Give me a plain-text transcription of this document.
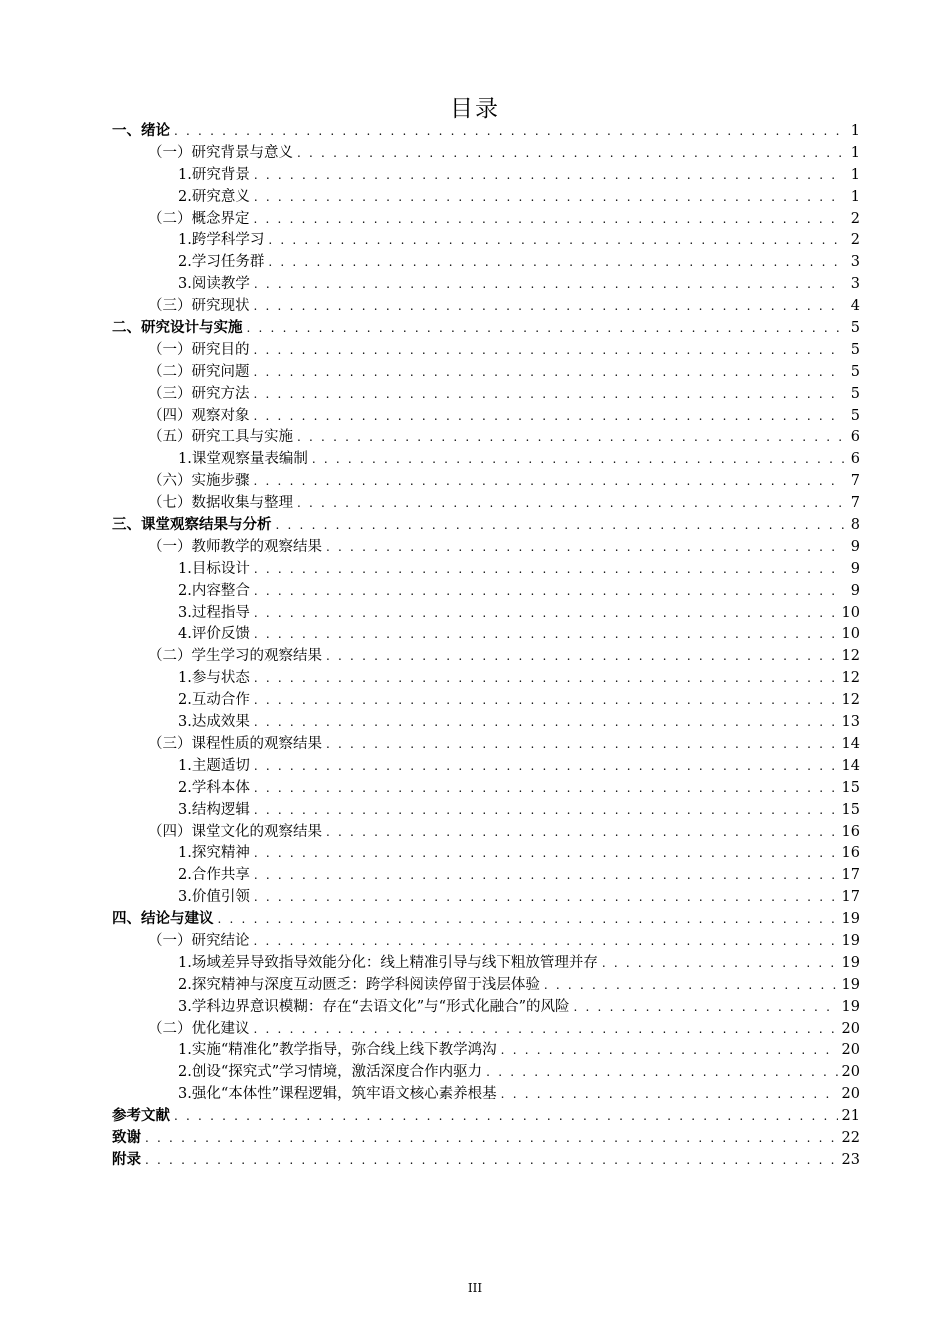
目录
一、绪论 . . .	1
（一）研究背景与意义 . . .	1
1.研究背景 . . .	1
2.研究意义 . . .	1
（二）概念界定 . . .	2
1.跨学科学习 . . .	2
2.学习任务群 . . .	3
3.阅读教学 . . .	3
（三）研究现状 . . .	4
二、研究设计与实施 . . .	5
（一）研究目的 . . .	5
（二）研究问题 . . .	5
（三）研究方法 . . .	5
（四）观察对象 . . .	5
（五）研究工具与实施 . . .	6
1.课堂观察量表编制 . . .	6
（六）实施步骤 . . .	7
（七）数据收集与整理 . . .	7
三、课堂观察结果与分析 . . .	8
（一）教师教学的观察结果 . . .	9
1.目标设计 . . .	9
2.内容整合 . . .	9
3.过程指导 . . .	10
4.评价反馈 . . .	10
（二）学生学习的观察结果 . . .	12
1.参与状态 . . .	12
2.互动合作 . . .	12
3.达成效果 . . .	13
（三）课程性质的观察结果 . . .	14
1.主题适切 . . .	14
2.学科本体 . . .	15
3.结构逻辑 . . .	15
（四）课堂文化的观察结果 . . .	16
1.探究精神 . . .	16
2.合作共享 . . .	17
3.价值引领 . . .	17
四、结论与建议 . . .	19
（一）研究结论 . . .	19
1.场域差异导致指导效能分化：线上精准引导与线下粗放管理并存 . . .	19
2.探究精神与深度互动匮乏：跨学科阅读停留于浅层体验 . . .	19
3.学科边界意识模糊：存在“去语文化”与“形式化融合”的风险 . . .	19
（二）优化建议 . . .	20
1.实施“精准化”教学指导，弥合线上线下教学鸿沟 . . .	20
2.创设“探究式”学习情境，激活深度合作内驱力 . . .	20
3.强化“本体性”课程逻辑，筑牢语文核心素养根基 . . .	20
参考文献 . . .	21
致谢 . . .	22
附录 . . .	23
III
